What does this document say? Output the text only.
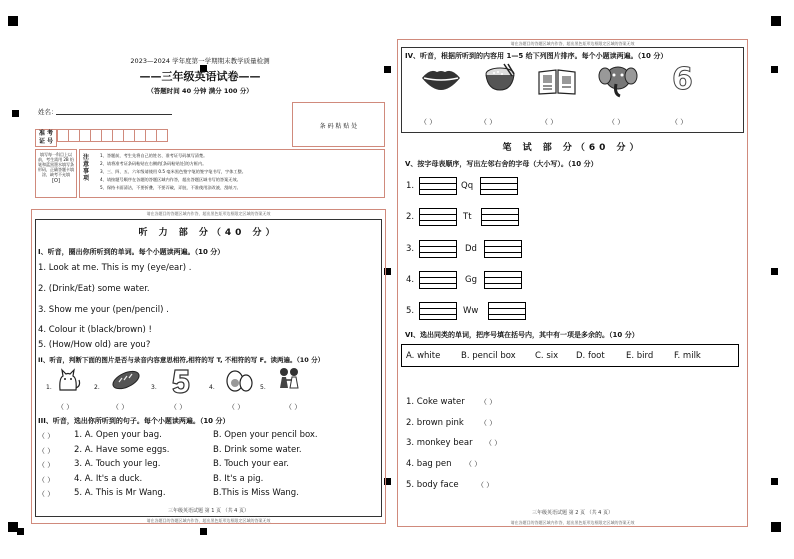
2023—2024 学年度第一学期期末教学质量检测
——三年级英语试卷——
（答题时间 40 分钟 满分 100 分）
姓名：
准 考
证 号
条 码 粘 贴 处
填写每一科目上以前，考生需用 2B 铅笔和蓝黑墨水填写条形码，正确答题卡填涂，缺考不允填
[O]
注 意 事 项
1、答题前，考生先将自己的姓名、准考证号码填写清楚。
2、请将准考证条码粘贴在右侧的[条码粘贴处]的方框内。
3、三、四、五、六年级请使用 0.5 毫米黑色签字笔的签字笔书写，字体工整。
4、请按题号顺序在各题的答题区域内作答，超出答题区域书写的答案无效。
5、保持卡面清洁，不要折叠，不要弄破，弄脏，不准使用涂改液、刮纸刀。
请在各题目的答题区域内作答，超出黑色矩形边框限定区域的答案无效
听 力 部 分（40 分）
I、听音，圈出你所听到的单词。每个小题读两遍。（10 分）
1. Look at me. This is my (eye/ear) .
2. (Drink/Eat) some water.
3. Show me your (pen/pencil) .
4. Colour it (black/brown) !
5. (How/How old) are you?
II、听音，判断下面的图片是否与录音内容意思相符,相符的写 T, 不相符的写 F。读两遍。（10 分）
1.	2.	3.	4.	5.
（ ）	（ ）	（ ）	（ ）	（ ）
III、听音，选出你所听到的句子。每个小题读两遍。（10 分）
（ ） 1. A. Open your bag.	B. Open your pencil box.
（ ） 2. A. Have some eggs.	B. Drink some water.
（ ） 3. A. Touch your leg.	B. Touch your ear.
（ ） 4. A. It's a duck.	B. It's a pig.
（ ） 5. A. This is Mr Wang.	B.This is Miss Wang.
三年级英语试题 第 1 页 （共 4 页）
请在各题目的答题区域内作答，超出黑色矩形边框限定区域的答案无效
请在各题目的答题区域内作答，超出黑色矩形边框限定区域的答案无效
IV、听音，根据所听到的内容用 1—5 给下列图片排序。每个小题读两遍。（10 分）
6
（ ）	（ ）	（ ）	（ ）	（ ）
笔 试 部 分（60 分）
V、按字母表顺序，写出左邻右舍的字母（大小写）。（10 分）
1.	Qq
2.	Tt
3.	Dd
4.	Gg
5.	Ww
VI、选出同类的单词，把序号填在括号内，其中有一项是多余的。（10 分）
A. white B. pencil box C. six D. foot	E. bird F. milk
1. Coke water （ ）
2. brown pink （ ）
3. monkey bear （ ）
4. bag pen （ ）
5. body face	（ ）
三年级英语试题 第 2 页 （共 4 页）
请在各题目的答题区域内作答，超出黑色矩形边框限定区域的答案无效
